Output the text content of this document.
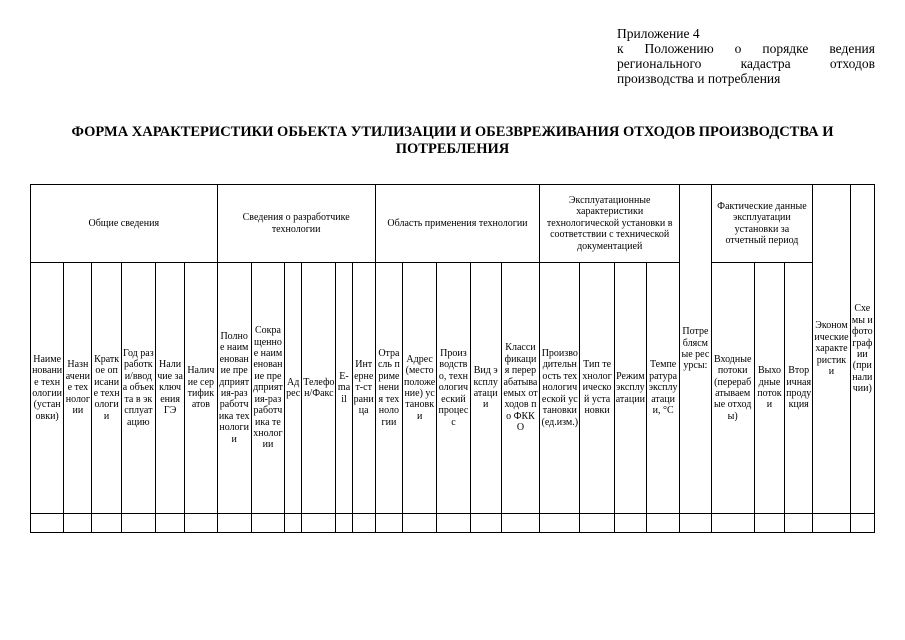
Приложение 4
к Положению о порядке ведения
регионального кадастра отходов
производства и потребления
ФОРМА ХАРАКТЕРИСТИКИ ОБЬЕКТА УТИЛИЗАЦИИ И ОБЕЗВРЕЖИВАНИЯ ОТХОДОВ ПРОИЗВОДСТВА И ПОТРЕБЛЕНИЯ
Общие сведения						Сведения о разработчике технологии						Область применения технологии					Эксплуатационные характеристики технологической установки в соответствии с технической документацией				Потреблясмые ресурсы:	Фактические данные эксплуатации установки за отчетный период			Экономические характеристики	Схемы и фотографии (при наличии)
Наименование технологии (установки)	Назначение технологии	Краткое описание технологии	Год разработки/ввода объекта в эксплуатацию	Наличие заключения ГЭ	Наличие сертификатов	Полное наименование предприятия-разработчика технологии	Сокращенное наименование предприятия-разработчика технологии	Адрес	Телефон/Факс	E-mail	Интернет-страница	Отрасль применения технологии	Адрес (местоположение) установки	Производство, технологический процесс	Вид эксплуатации	Классификация перерабатываемых отходов по ФККО	Производительность технологической установки (ед.изм.)	Тип технологической установки	Режим эксплуатации	Температура эксплуатации, °С		Входные потоки (перерабатываемые отходы)	Выходные потоки	Вторичная продукция		
